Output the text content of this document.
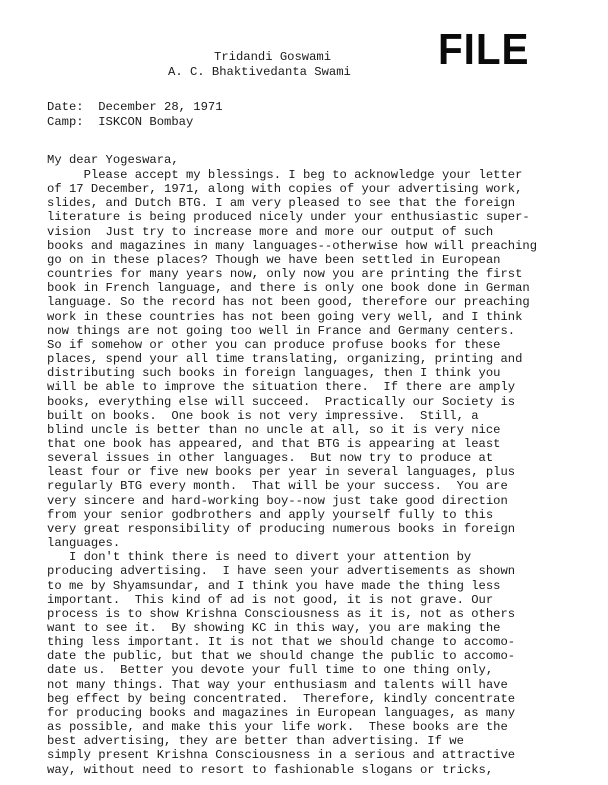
FILE
Tridandi Goswami
A. C. Bhaktivedanta Swami
Date: December 28, 1971
Camp: ISKCON Bombay
My dear Yogeswara,
Please accept my blessings. I beg to acknowledge your letter
of 17 December, 1971, along with copies of your advertising work,
slides, and Dutch BTG. I am very pleased to see that the foreign
literature is being produced nicely under your enthusiastic super-
vision  Just try to increase more and more our output of such
books and magazines in many languages--otherwise how will preaching
go on in these places? Though we have been settled in European
countries for many years now, only now you are printing the first
book in French language, and there is only one book done in German
language. So the record has not been good, therefore our preaching
work in these countries has not been going very well, and I think
now things are not going too well in France and Germany centers.
So if somehow or other you can produce profuse books for these
places, spend your all time translating, organizing, printing and
distributing such books in foreign languages, then I think you
will be able to improve the situation there.  If there are amply
books, everything else will succeed.  Practically our Society is
built on books.  One book is not very impressive.  Still, a
blind uncle is better than no uncle at all, so it is very nice
that one book has appeared, and that BTG is appearing at least
several issues in other languages.  But now try to produce at
least four or five new books per year in several languages, plus
regularly BTG every month.  That will be your success.  You are
very sincere and hard-working boy--now just take good direction
from your senior godbrothers and apply yourself fully to this
very great responsibility of producing numerous books in foreign
languages.
I don't think there is need to divert your attention by
producing advertising.  I have seen your advertisements as shown
to me by Shyamsundar, and I think you have made the thing less
important.  This kind of ad is not good, it is not grave. Our
process is to show Krishna Consciousness as it is, not as others
want to see it.  By showing KC in this way, you are making the
thing less important. It is not that we should change to accomo-
date the public, but that we should change the public to accomo-
date us.  Better you devote your full time to one thing only,
not many things. That way your enthusiasm and talents will have
beg effect by being concentrated.  Therefore, kindly concentrate
for producing books and magazines in European languages, as many
as possible, and make this your life work.  These books are the
best advertising, they are better than advertising. If we
simply present Krishna Consciousness in a serious and attractive
way, without need to resort to fashionable slogans or tricks,
